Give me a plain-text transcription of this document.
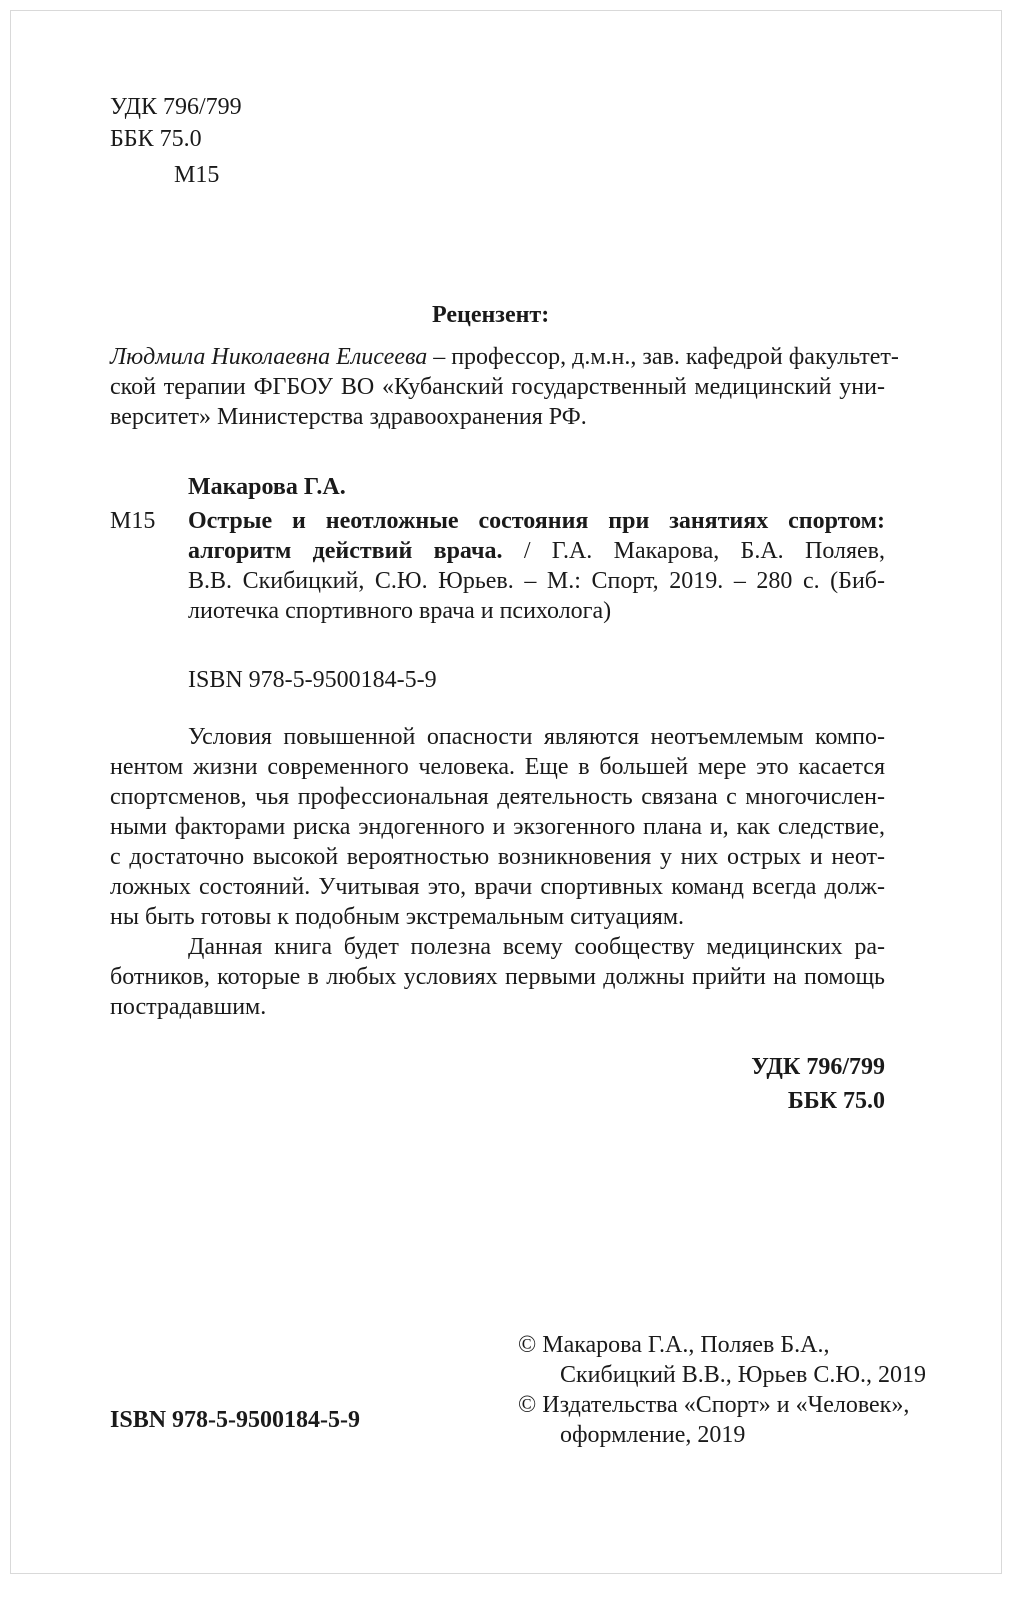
УДК 796/799
ББК 75.0
М15
Рецензент:
Людмила Николаевна Елисеева – профессор, д.м.н., зав. кафедрой факультет-
ской терапии ФГБОУ ВО «Кубанский государственный медицинский уни-
верситет» Министерства здравоохранения РФ.
Макарова Г.А.
М15 Острые и неотложные состояния при занятиях спортом:
алгоритм действий врача. / Г.А. Макарова, Б.А. Поляев,
В.В. Скибицкий, С.Ю. Юрьев. – М.: Спорт, 2019. – 280 с. (Биб-
лиотечка спортивного врача и психолога)
ISBN 978-5-9500184-5-9
Условия повышенной опасности являются неотъемлемым компо-
нентом жизни современного человека. Еще в большей мере это касается
спортсменов, чья профессиональная деятельность связана с многочислен-
ными факторами риска эндогенного и экзогенного плана и, как следствие,
с достаточно высокой вероятностью возникновения у них острых и неот-
ложных состояний. Учитывая это, врачи спортивных команд всегда долж-
ны быть готовы к подобным экстремальным ситуациям.
Данная книга будет полезна всему сообществу медицинских ра-
ботников, которые в любых условиях первыми должны прийти на помощь
пострадавшим.
УДК 796/799
ББК 75.0
© Макарова Г.А., Поляев Б.А.,
Скибицкий В.В., Юрьев С.Ю., 2019
© Издательства «Спорт» и «Человек»,
оформление, 2019
ISBN 978-5-9500184-5-9
